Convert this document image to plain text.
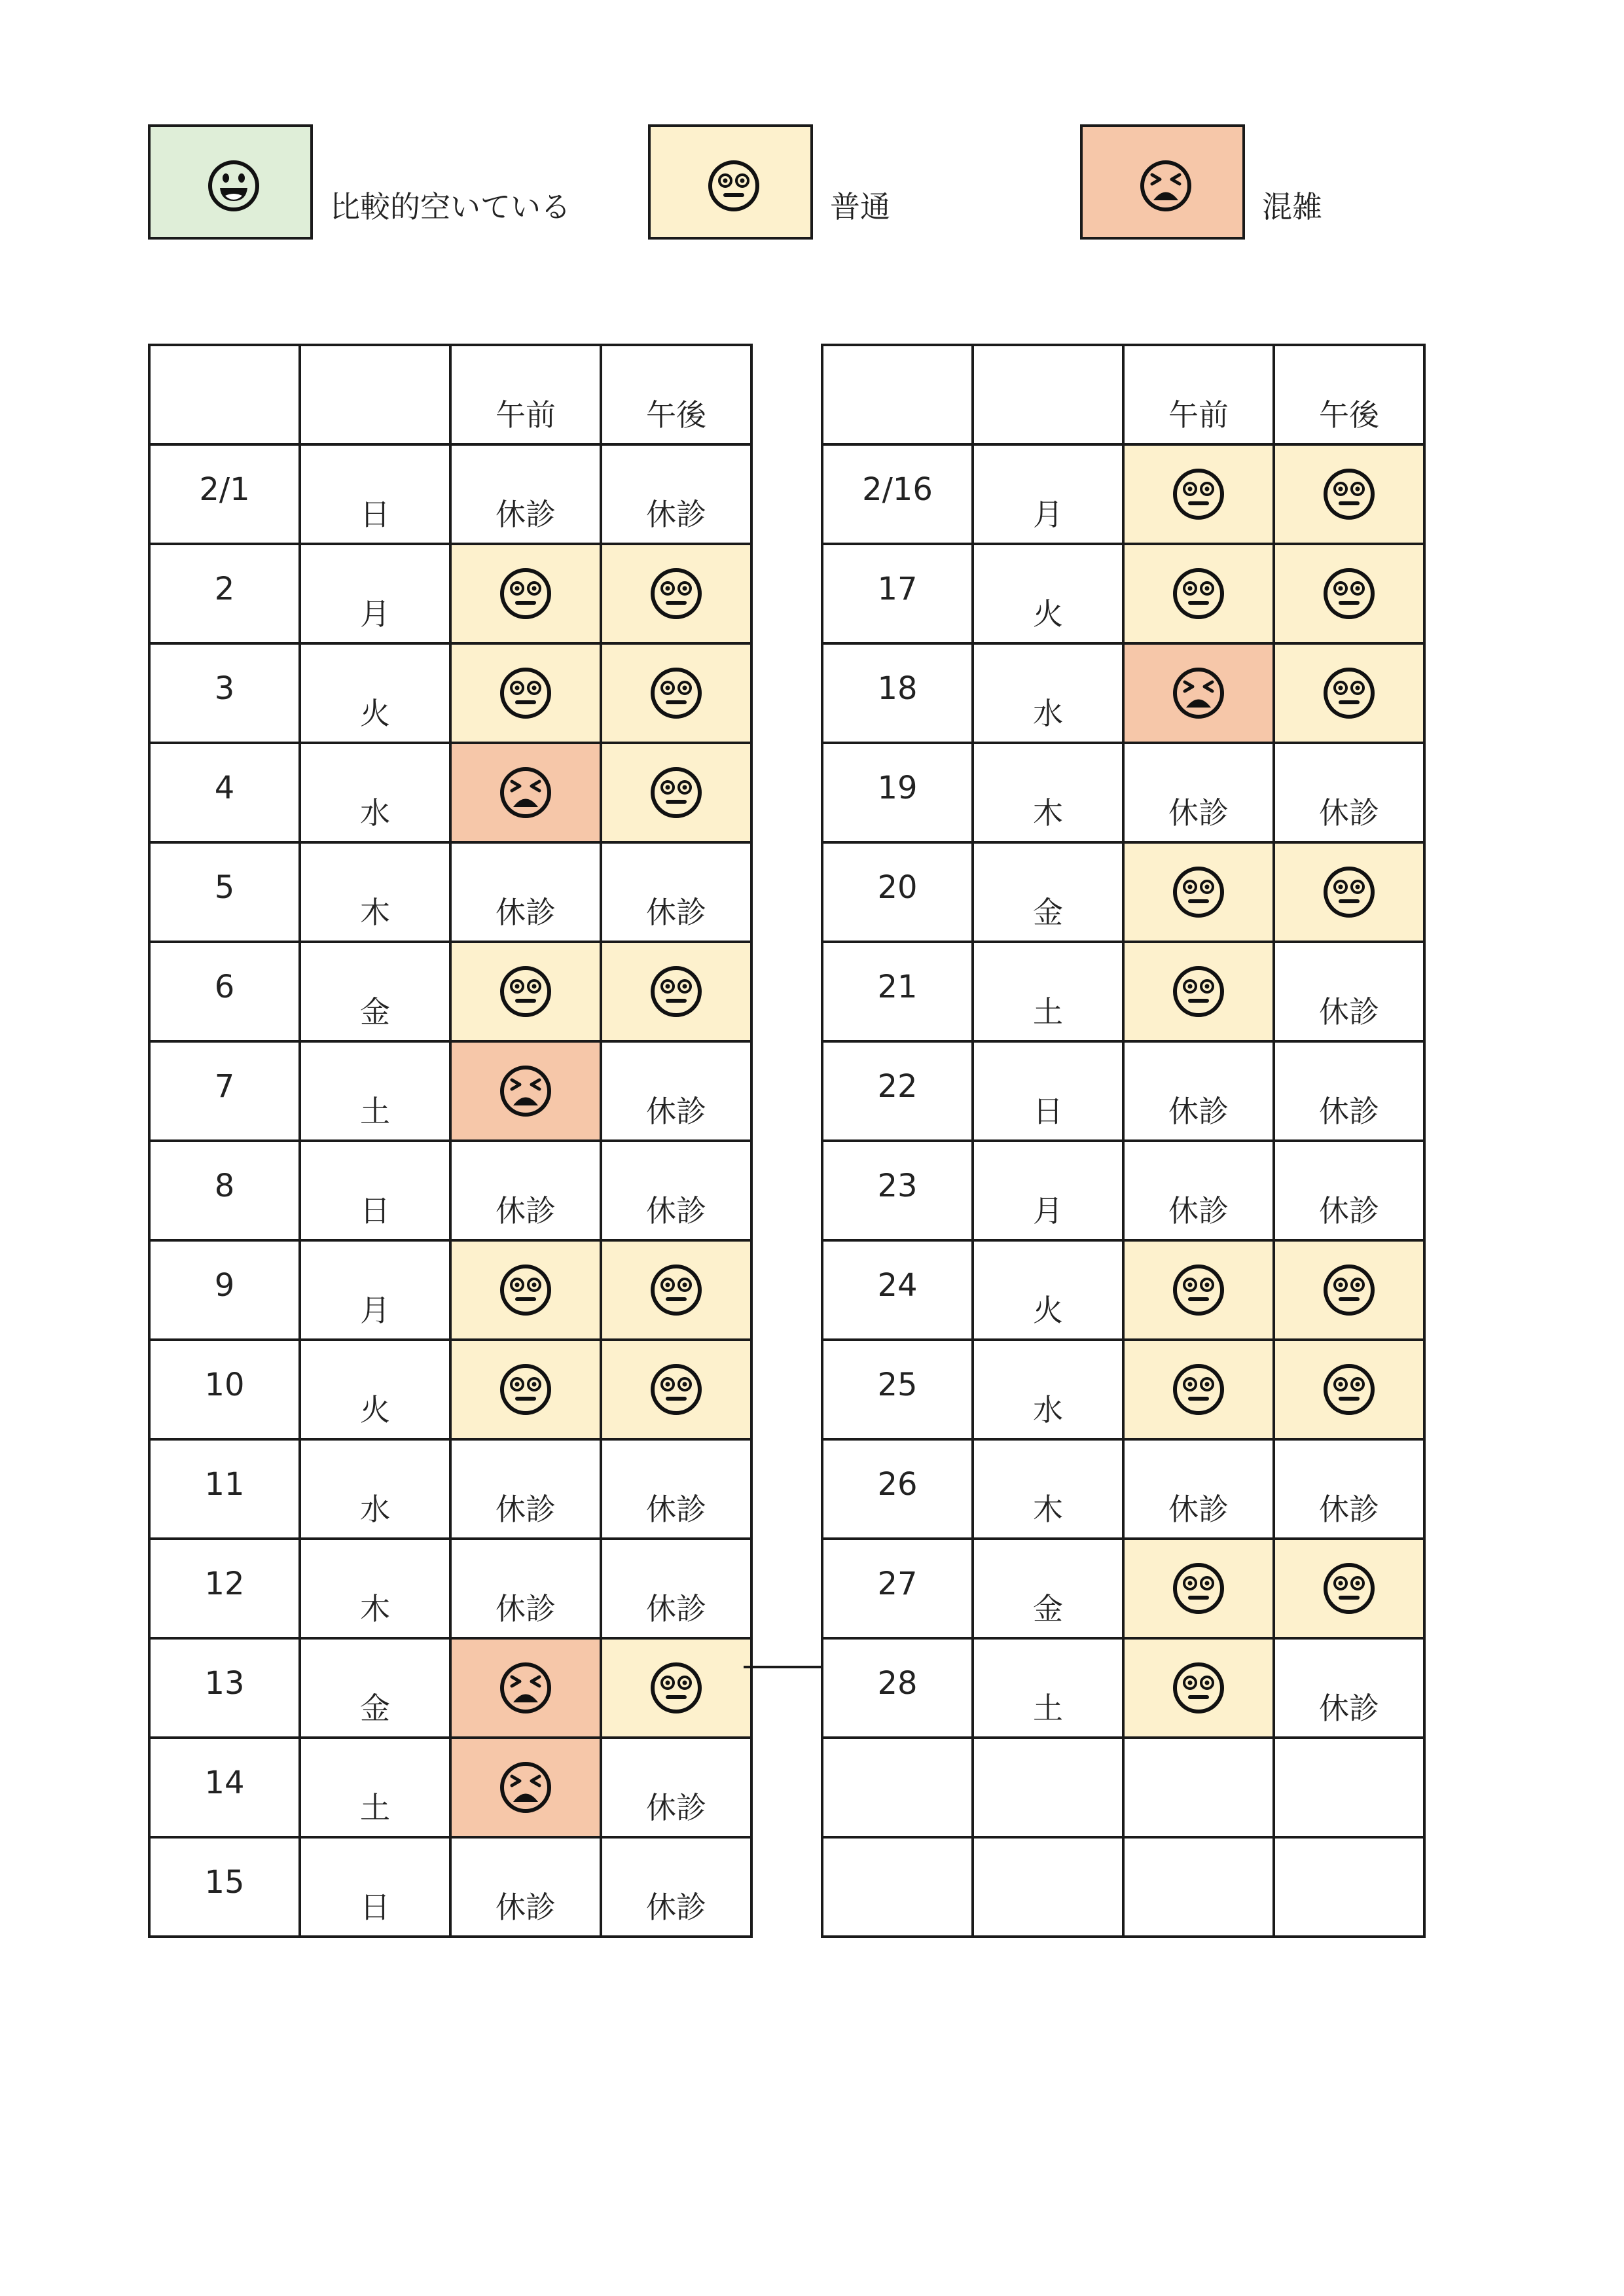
比較的空いている	普通	混雑

		午前	午後

2/1	日	休診	休診

2	月

3	火

4	水

5	木	休診	休診

6	金

7	土		休診

8	日	休診	休診

9	月

10	火

11	水	休診	休診

12	木	休診	休診

13	金

14	土		休診

15	日	休診	休診

		午前	午後

2/16	月

17	火

18	水

19	木	休診	休診

20	金

21	土		休診

22	日	休診	休診

23	月	休診	休診

24	火

25	水

26	木	休診	休診

27	金

28	土		休診
